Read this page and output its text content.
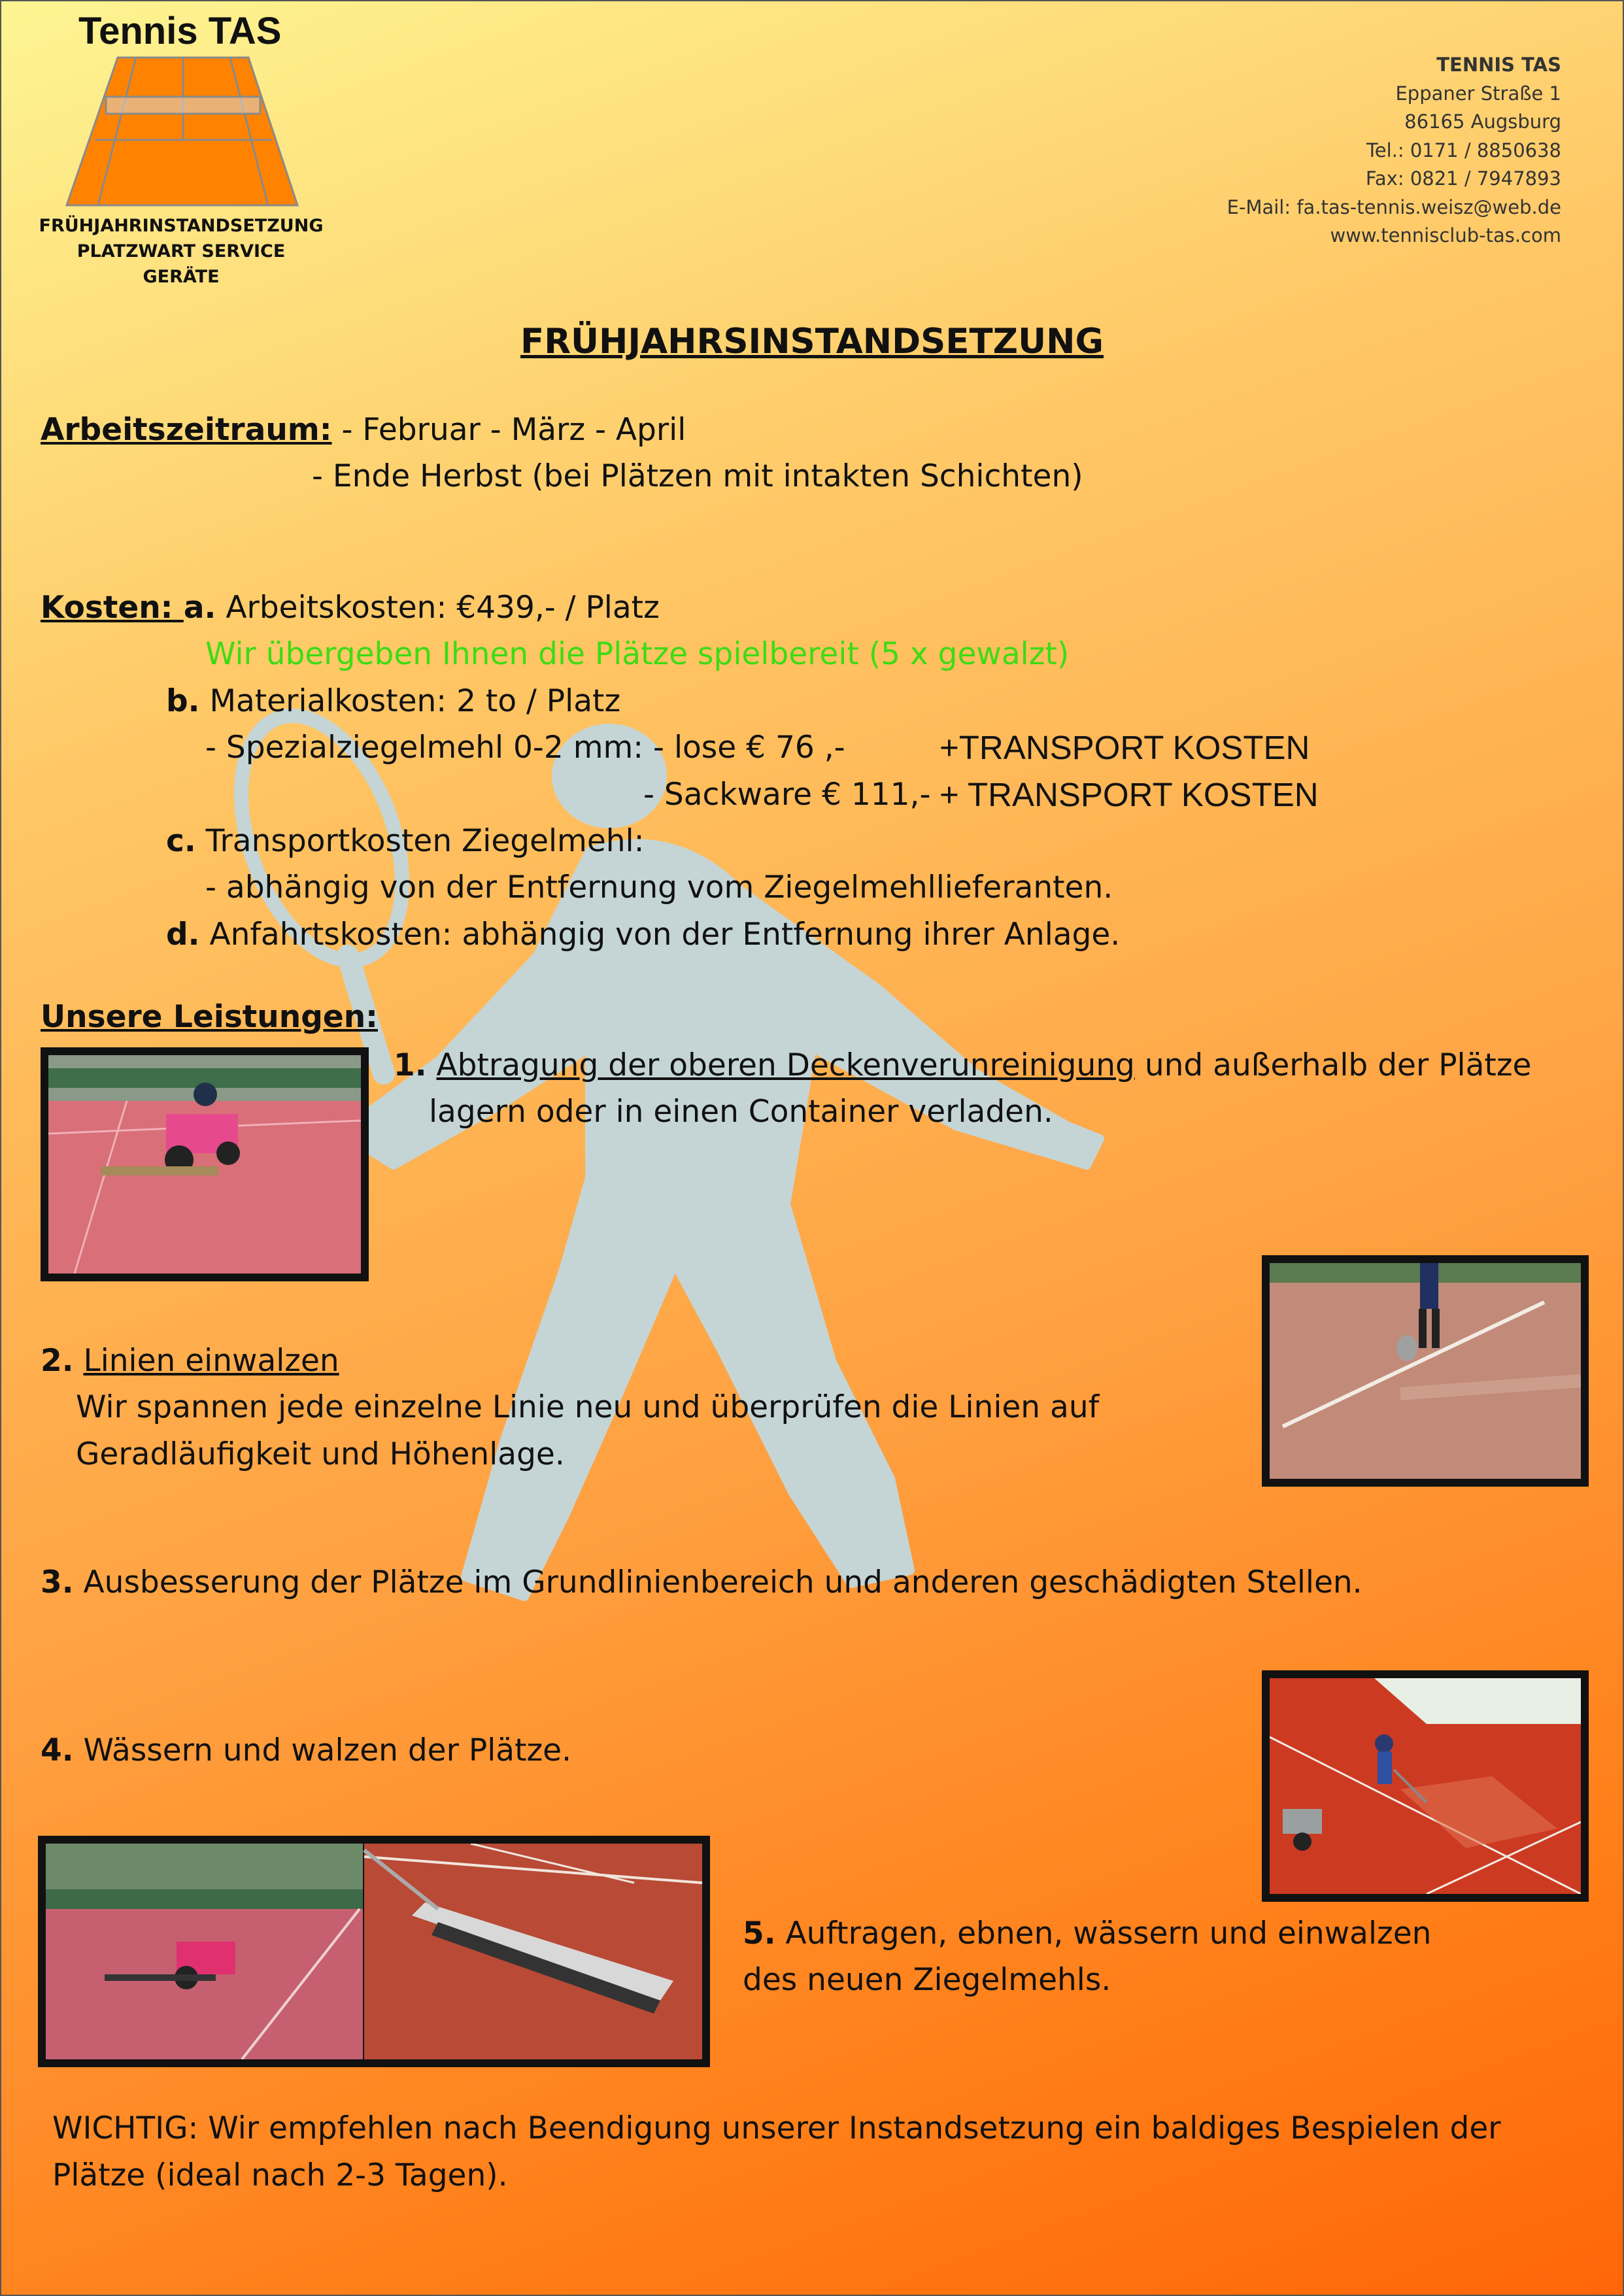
Tennis TAS
FRÜHJAHRINSTANDSETZUNG
PLATZWART SERVICE
GERÄTE
TENNIS TAS
Eppaner Straße 1
86165 Augsburg
Tel.: 0171 / 8850638
Fax: 0821 / 7947893
E-Mail: fa.tas-tennis.weisz@web.de
www.tennisclub-tas.com
FRÜHJAHRSINSTANDSETZUNG
Arbeitszeitraum: - Februar - März - April
- Ende Herbst (bei Plätzen mit intakten Schichten)
Kosten: a. Arbeitskosten: €439,- / Platz
Wir übergeben Ihnen die Plätze spielbereit (5 x gewalzt)
b. Materialkosten: 2 to / Platz
- Spezialziegelmehl 0-2 mm: - lose € 76 ,-	+TRANSPORT KOSTEN
- Sackware € 111,- + TRANSPORT KOSTEN
c. Transportkosten Ziegelmehl:
- abhängig von der Entfernung vom Ziegelmehllieferanten.
d. Anfahrtskosten: abhängig von der Entfernung ihrer Anlage.
Unsere Leistungen:
1. Abtragung der oberen Deckenverunreinigung und außerhalb der Plätze
lagern oder in einen Container verladen.
2. Linien einwalzen
Wir spannen jede einzelne Linie neu und überprüfen die Linien auf
Geradläufigkeit und Höhenlage.
3. Ausbesserung der Plätze im Grundlinienbereich und anderen geschädigten Stellen.
4. Wässern und walzen der Plätze.
5. Auftragen, ebnen, wässern und einwalzen
des neuen Ziegelmehls.
WICHTIG: Wir empfehlen nach Beendigung unserer Instandsetzung ein baldiges Bespielen der
Plätze (ideal nach 2-3 Tagen).
